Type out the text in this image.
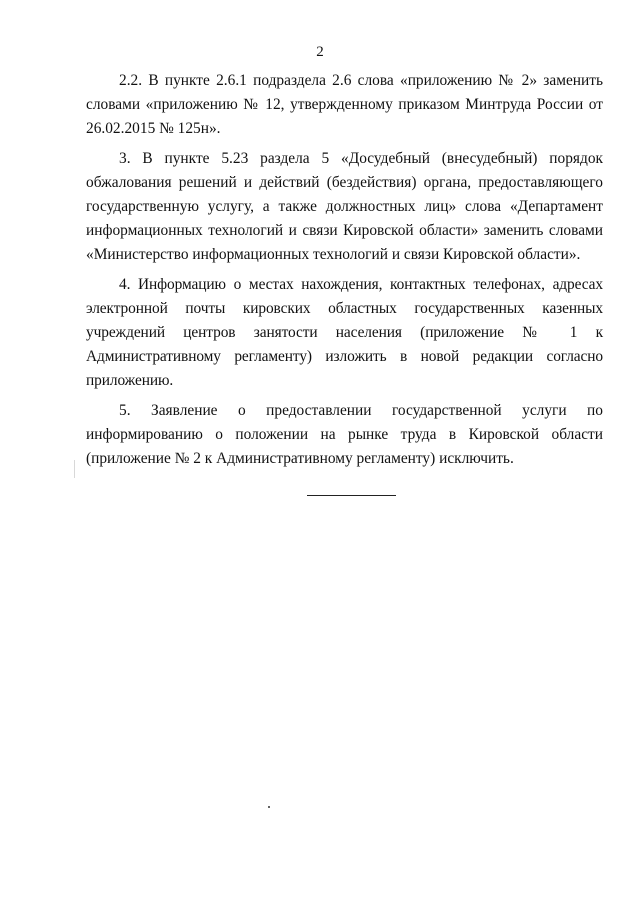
2

2.2. В пункте 2.6.1 подраздела 2.6 слова «приложению № 2» заменить словами «приложению № 12, утвержденному приказом Минтруда России от 26.02.2015 № 125н».

3. В пункте 5.23 раздела 5 «Досудебный (внесудебный) порядок обжалования решений и действий (бездействия) органа, предоставляющего государственную услугу, а также должностных лиц» слова «Департамент информационных технологий и связи Кировской области» заменить словами «Министерство информационных технологий и связи Кировской области».

4. Информацию о местах нахождения, контактных телефонах, адресах электронной почты кировских областных государственных казенных учреждений центров занятости населения (приложение № 1 к Административному регламенту) изложить в новой редакции согласно приложению.

5. Заявление о предоставлении государственной услуги по информированию о положении на рынке труда в Кировской области (приложение № 2 к Административному регламенту) исключить.
